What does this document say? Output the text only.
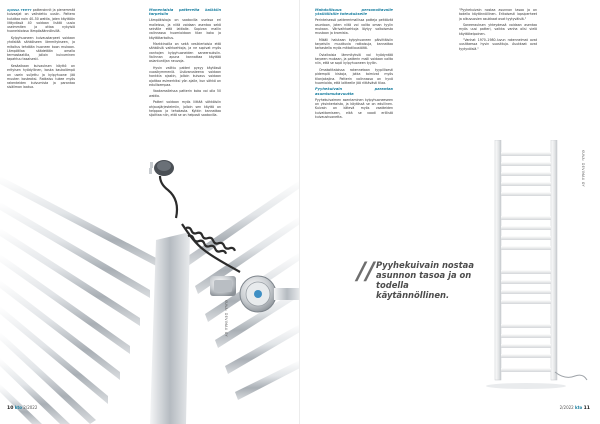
AJOSSA TEHTY patteroinnit ja pienemmät kuivaajat on vaihdettu uusiin. Pattera kuluttaa noin 40–50 wattia, joten käyttöön liittyvässä 40 voidaan lisätä uusia useimmiten ja ottaa nykyisiä huoneistoissa lämpösäännöksillä.

Kylpyhuoneen kuivaustarpeet voidaan yhdistää sähköiseen lämmitykseen, ja mitoitus tehdään huoneen koon mukaan. Lämpötilaa säädetään omalla termostaatilla, jolloin kuivuminen tapahtuu tasaisesti.

Kesäaikaan kuivauksen käyttö on erityisen hyödyllinen, koska kaukolämpö on usein suljettu ja kylpyhuone jää muuten kosteaksi. Ratkaisu tukee myös rakenteiden kuivumista ja parantaa sisäilman laatua.

Monenlaisia pattereita kaikkiin tarpeisiin

Lämpökiskoja on saatavilla useissa eri malleissa, ja niitä voidaan asentaa sekä seinälle että lattialle. Sopivan mallin valinnassa huomioidaan tilan koko ja käyttötarkoitus.

Markkinoilla on sekä vesikiertoisia että sähköisiä vaihtoehtoja, ja ne sopivat myös vanhojen kylpyhuoneiden saneerauksiin. Valinnan apuna kannattaa käyttää asiantuntijan neuvoja.

Hyvin valittu patteri pysyy käytössä vuosikymmeniä. Lisävarusteena voidaan hankkia ajastin, jolloin kuivaus voidaan ajoittaa esimerkiksi yön ajalle, kun sähkö on edullisempaa.

Vaakamalleissa patterin koko voi olla 50 wattia.

Patteri voidaan myös liittää sähköisiin ohjausjärjestelmiin, jolloin sen käyttö on helppoa ja tehokasta. Kytkin kannattaa sijoittaa niin, että se on helposti saatavilla.

KUVA: DEVIMAX OY
10 kto 2/2022
Mahdollisuus personoitavalle yksilöllisille toteutukselle

Perinteisessä pattererimallissa patteja peittävät asuntoon, joten niitä voi valita oman tyylin mukaan. Värivaihtoehtoja löytyy valkoisesta mustaan ja kromista.

Mikäli halutaan kylpyhuoneen päivittäisiin tarpeisiin muuttuvia ratkaisuja, kannattaa tarkastella myös mittatilaustöitä.

Oviaikaisia lämmityksiä voi hyödyntää tarpeen mukaan, ja patterin malli voidaan valita niin, että se sopii kylpyhuoneen tyyliin.

Omakotitaloissa rakennetaan tyypillisesti pidempiä kiskoja, jotka toimivat myös tilanjakajina. Patterin valinnassa on hyvä huomioida, että laitteelle jää riittävästi tilaa.

Pyyhekuivain parantaa asumismukavuutta

Pyyhekuivaimen asentaminen kylpyhuoneeseen on yksinkertaista, ja käytössä se on edullinen. Kuivain on kätevä myös vaatteiden kuivattamiseen, eikä se vaadi erillistä kuivaushuonetta.

"Pyyhekuivain nostaa asunnon tasoa ja on todella käytännöllinen. Erikoisesti lapsiperheet ja alkuvuosien asukkaat ovat tyytyväisiä."

Saneerauksen yhteydessä voidaan asentaa myös uusi patteri, vaikka vanha olisi vielä käyttökelpoinen.

"Vanhat 1970–1980-luvun rakennelmat ovat uusittaessa hyvin suosittuja. Asukkaat ovat tyytyväisiä."

KUVA: DEVIMAX OY
// Pyyhekuivain nostaa asunnon tasoa ja on todella käytännöllinen.
2/2022 kto 11
